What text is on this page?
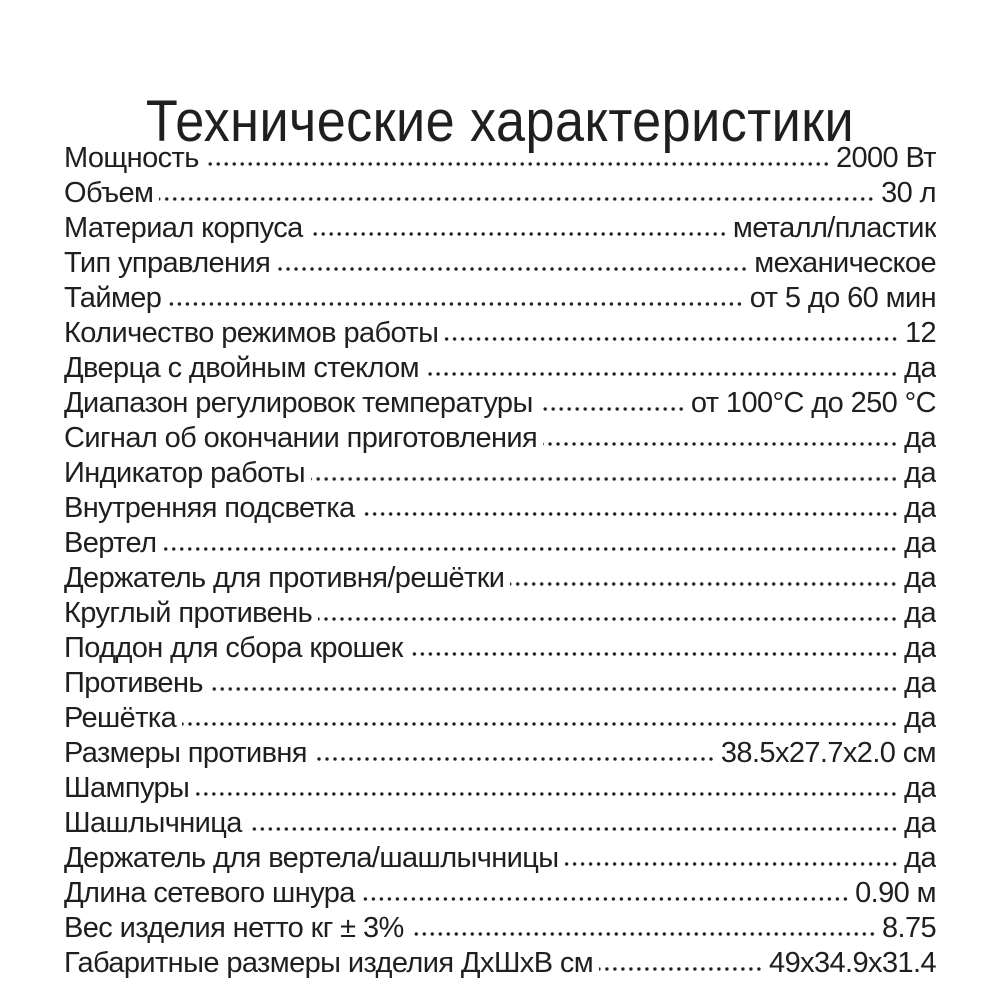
Технические характеристики
Мощность	2000 Вт
Объем	30 л
Материал корпуса	металл/пластик
Тип управления	механическое
Таймер	от 5 до 60 мин
Количество режимов работы	12
Дверца с двойным стеклом	да
Диапазон регулировок температуры	от 100°С до 250 °С
Сигнал об окончании приготовления	да
Индикатор работы	да
Внутренняя подсветка	да
Вертел	да
Держатель для противня/решётки	да
Круглый противень	да
Поддон для сбора крошек	да
Противень	да
Решётка	да
Размеры противня	38.5х27.7х2.0 см
Шампуры	да
Шашлычница	да
Держатель для вертела/шашлычницы	да
Длина сетевого шнура	0.90 м
Вес изделия нетто кг ± 3%	8.75
Габаритные размеры изделия ДхШхВ см	49х34.9х31.4
